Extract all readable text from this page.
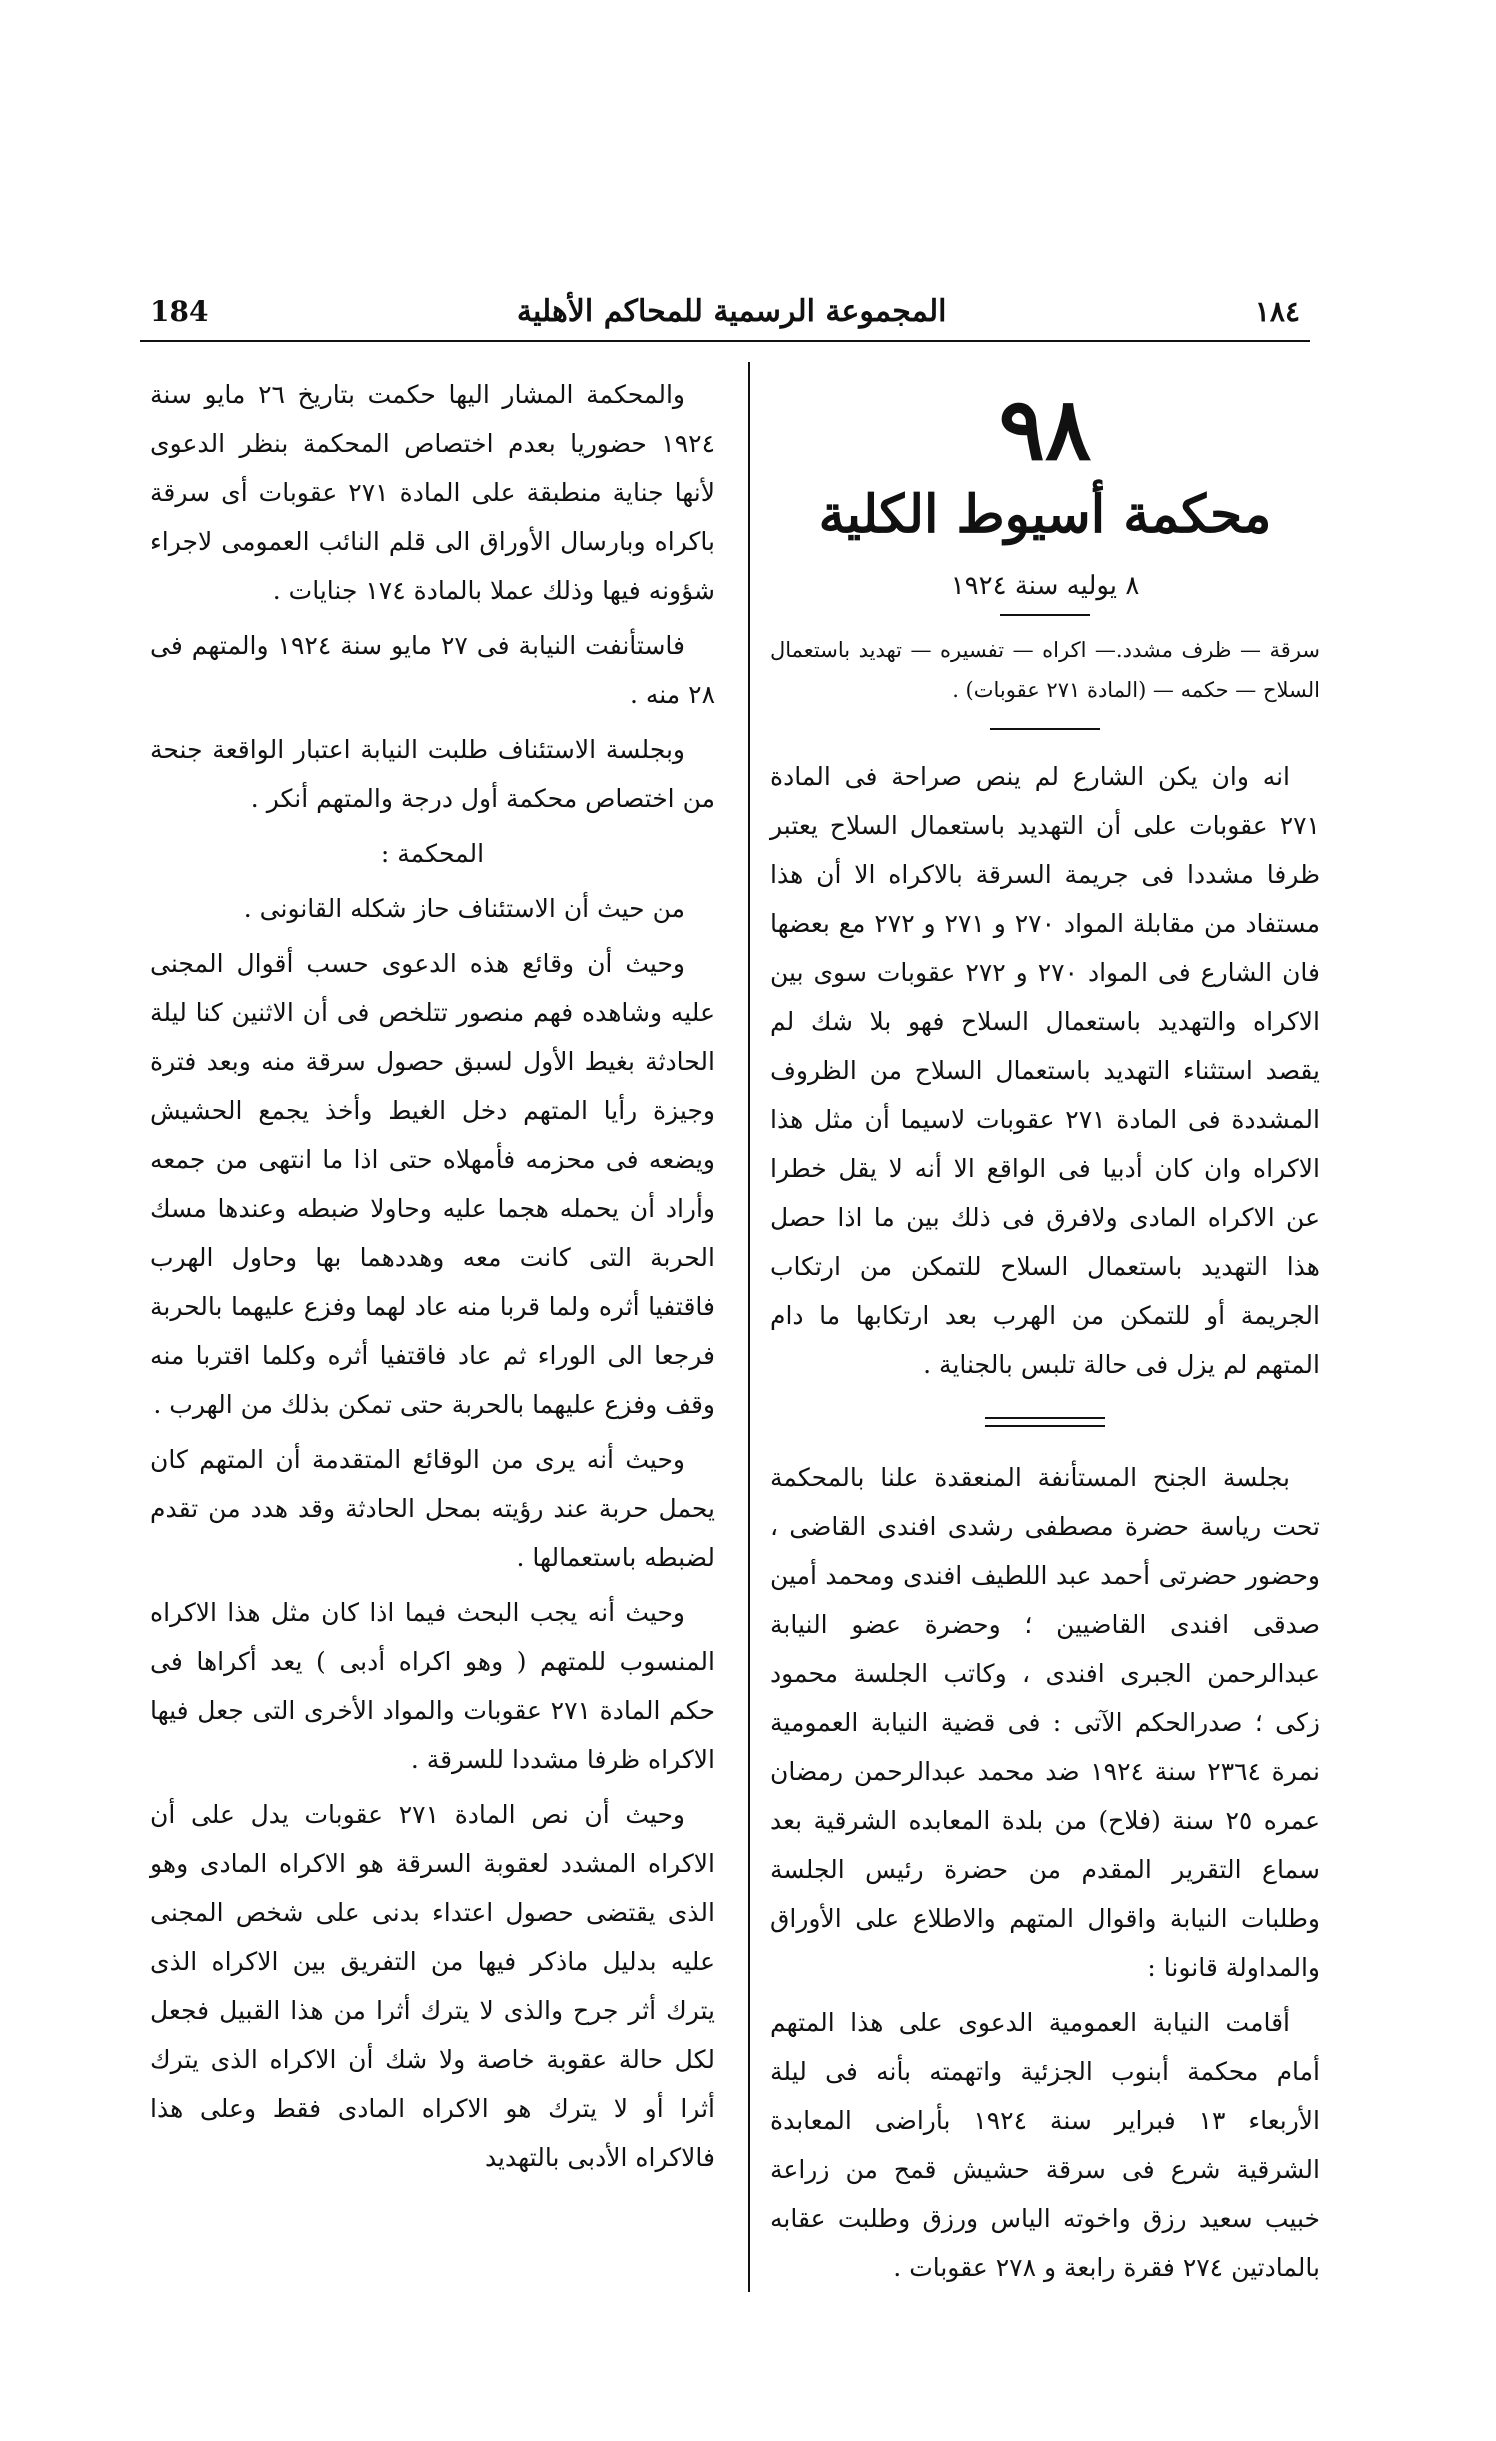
١٨٤
المجموعة الرسمية للمحاكم الأهلية
184
٩٨
محكمة أسيوط الكلية
٨ يوليه سنة ١٩٢٤
سرقة — ظرف مشدد.— اكراه — تفسيره — تهديد باستعمال السلاح — حكمه — (المادة ٢٧١ عقوبات) .

انه وان يكن الشارع لم ينص صراحة فى المادة ٢٧١ عقوبات على أن التهديد باستعمال السلاح يعتبر ظرفا مشددا فى جريمة السرقة بالاكراه الا أن هذا مستفاد من مقابلة المواد ٢٧٠ و ٢٧١ و ٢٧٢ مع بعضها فان الشارع فى المواد ٢٧٠ و ٢٧٢ عقوبات سوى بين الاكراه والتهديد باستعمال السلاح فهو بلا شك لم يقصد استثناء التهديد باستعمال السلاح من الظروف المشددة فى المادة ٢٧١ عقوبات لاسيما أن مثل هذا الاكراه وان كان أدبيا فى الواقع الا أنه لا يقل خطرا عن الاكراه المادى ولافرق فى ذلك بين ما اذا حصل هذا التهديد باستعمال السلاح للتمكن من ارتكاب الجريمة أو للتمكن من الهرب بعد ارتكابها ما دام المتهم لم يزل فى حالة تلبس بالجناية .

بجلسة الجنح المستأنفة المنعقدة علنا بالمحكمة تحت رياسة حضرة مصطفى رشدى افندى القاضى ، وحضور حضرتى أحمد عبد اللطيف افندى ومحمد أمين صدقى افندى القاضيين ؛ وحضرة عضو النيابة عبدالرحمن الجبرى افندى ، وكاتب الجلسة محمود زكى ؛ صدرالحكم الآتى : فى قضية النيابة العمومية نمرة ٢٣٦٤ سنة ١٩٢٤ ضد محمد عبدالرحمن رمضان عمره ٢٥ سنة (فلاح) من بلدة المعابده الشرقية بعد سماع التقرير المقدم من حضرة رئيس الجلسة وطلبات النيابة واقوال المتهم والاطلاع على الأوراق والمداولة قانونا :

أقامت النيابة العمومية الدعوى على هذا المتهم أمام محكمة أبنوب الجزئية واتهمته بأنه فى ليلة الأربعاء ١٣ فبراير سنة ١٩٢٤ بأراضى المعابدة الشرقية شرع فى سرقة حشيش قمح من زراعة خبيب سعيد رزق واخوته الياس ورزق وطلبت عقابه بالمادتين ٢٧٤ فقرة رابعة و ٢٧٨ عقوبات .

والمحكمة المشار اليها حكمت بتاريخ ٢٦ مايو سنة ١٩٢٤ حضوريا بعدم اختصاص المحكمة بنظر الدعوى لأنها جناية منطبقة على المادة ٢٧١ عقوبات أى سرقة باكراه وبارسال الأوراق الى قلم النائب العمومى لاجراء شؤونه فيها وذلك عملا بالمادة ١٧٤ جنايات .

فاستأنفت النيابة فى ٢٧ مايو سنة ١٩٢٤ والمتهم فى ٢٨ منه .

وبجلسة الاستئناف طلبت النيابة اعتبار الواقعة جنحة من اختصاص محكمة أول درجة والمتهم أنكر .

المحكمة :

من حيث أن الاستئناف حاز شكله القانونى .

وحيث أن وقائع هذه الدعوى حسب أقوال المجنى عليه وشاهده فهم منصور تتلخص فى أن الاثنين كنا ليلة الحادثة بغيط الأول لسبق حصول سرقة منه وبعد فترة وجيزة رأيا المتهم دخل الغيط وأخذ يجمع الحشيش ويضعه فى محزمه فأمهلاه حتى اذا ما انتهى من جمعه وأراد أن يحمله هجما عليه وحاولا ضبطه وعندها مسك الحربة التى كانت معه وهددهما بها وحاول الهرب فاقتفيا أثره ولما قربا منه عاد لهما وفزع عليهما بالحربة فرجعا الى الوراء ثم عاد فاقتفيا أثره وكلما اقتربا منه وقف وفزع عليهما بالحربة حتى تمكن بذلك من الهرب .

وحيث أنه يرى من الوقائع المتقدمة أن المتهم كان يحمل حربة عند رؤيته بمحل الحادثة وقد هدد من تقدم لضبطه باستعمالها .

وحيث أنه يجب البحث فيما اذا كان مثل هذا الاكراه المنسوب للمتهم ( وهو اكراه أدبى ) يعد أكراها فى حكم المادة ٢٧١ عقوبات والمواد الأخرى التى جعل فيها الاكراه ظرفا مشددا للسرقة .

وحيث أن نص المادة ٢٧١ عقوبات يدل على أن الاكراه المشدد لعقوبة السرقة هو الاكراه المادى وهو الذى يقتضى حصول اعتداء بدنى على شخص المجنى عليه بدليل ماذكر فيها من التفريق بين الاكراه الذى يترك أثر جرح والذى لا يترك أثرا من هذا القبيل فجعل لكل حالة عقوبة خاصة ولا شك أن الاكراه الذى يترك أثرا أو لا يترك هو الاكراه المادى فقط وعلى هذا فالاكراه الأدبى بالتهديد
